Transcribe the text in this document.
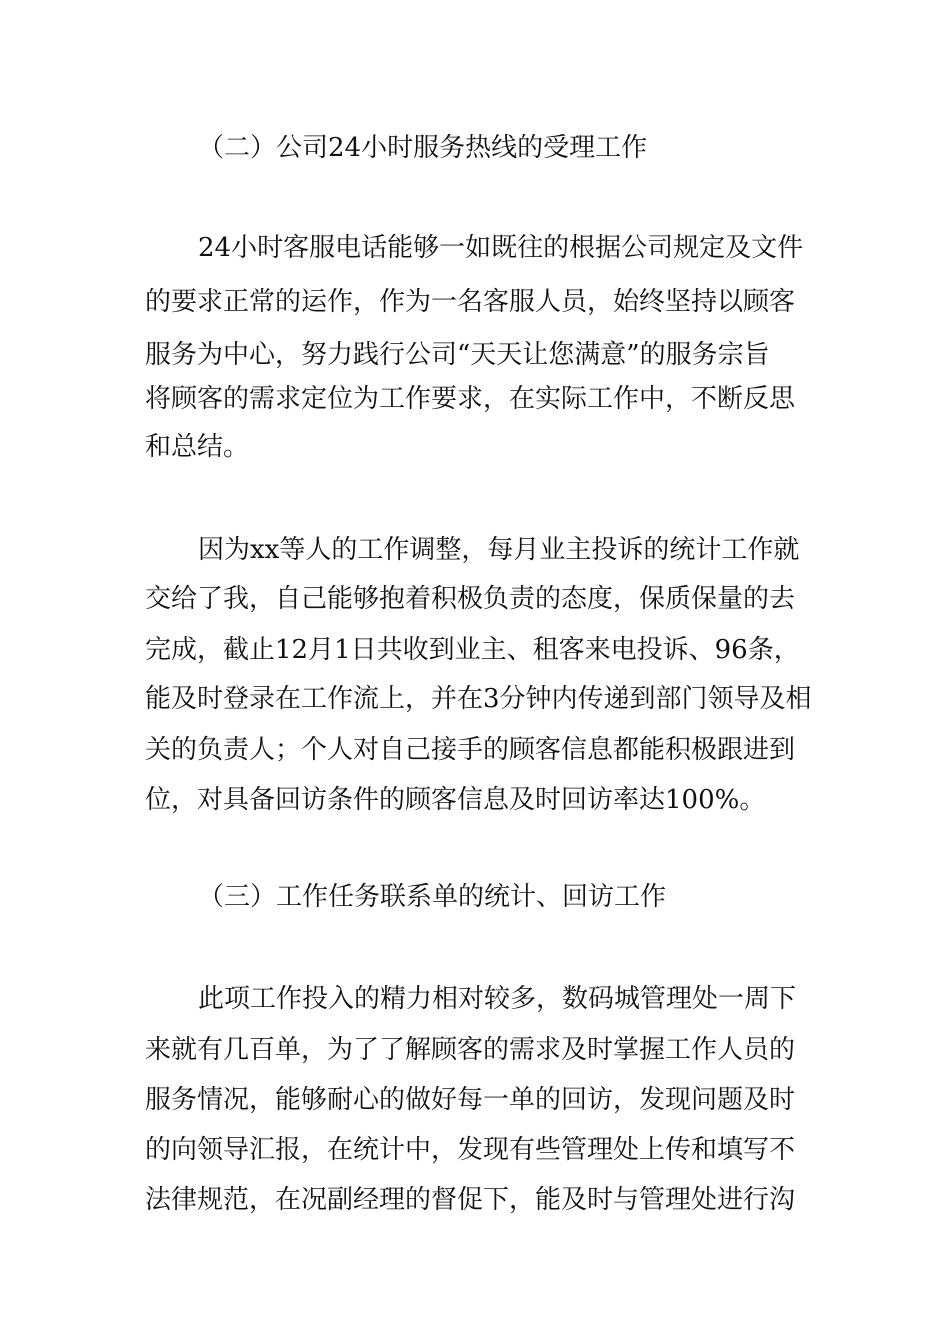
（二）公司24小时服务热线的受理工作
24小时客服电话能够一如既往的根据公司规定及文件
的要求正常的运作，作为一名客服人员，始终坚持以顾客
服务为中心，努力践行公司“天天让您满意”的服务宗旨
将顾客的需求定位为工作要求，在实际工作中，不断反思
和总结。
因为xx等人的工作调整，每月业主投诉的统计工作就
交给了我，自己能够抱着积极负责的态度，保质保量的去
完成，截止12月1日共收到业主、租客来电投诉、96条，
能及时登录在工作流上，并在3分钟内传递到部门领导及相
关的负责人；个人对自己接手的顾客信息都能积极跟进到
位，对具备回访条件的顾客信息及时回访率达100%。
（三）工作任务联系单的统计、回访工作
此项工作投入的精力相对较多，数码城管理处一周下
来就有几百单，为了了解顾客的需求及时掌握工作人员的
服务情况，能够耐心的做好每一单的回访，发现问题及时
的向领导汇报，在统计中，发现有些管理处上传和填写不
法律规范，在况副经理的督促下，能及时与管理处进行沟
